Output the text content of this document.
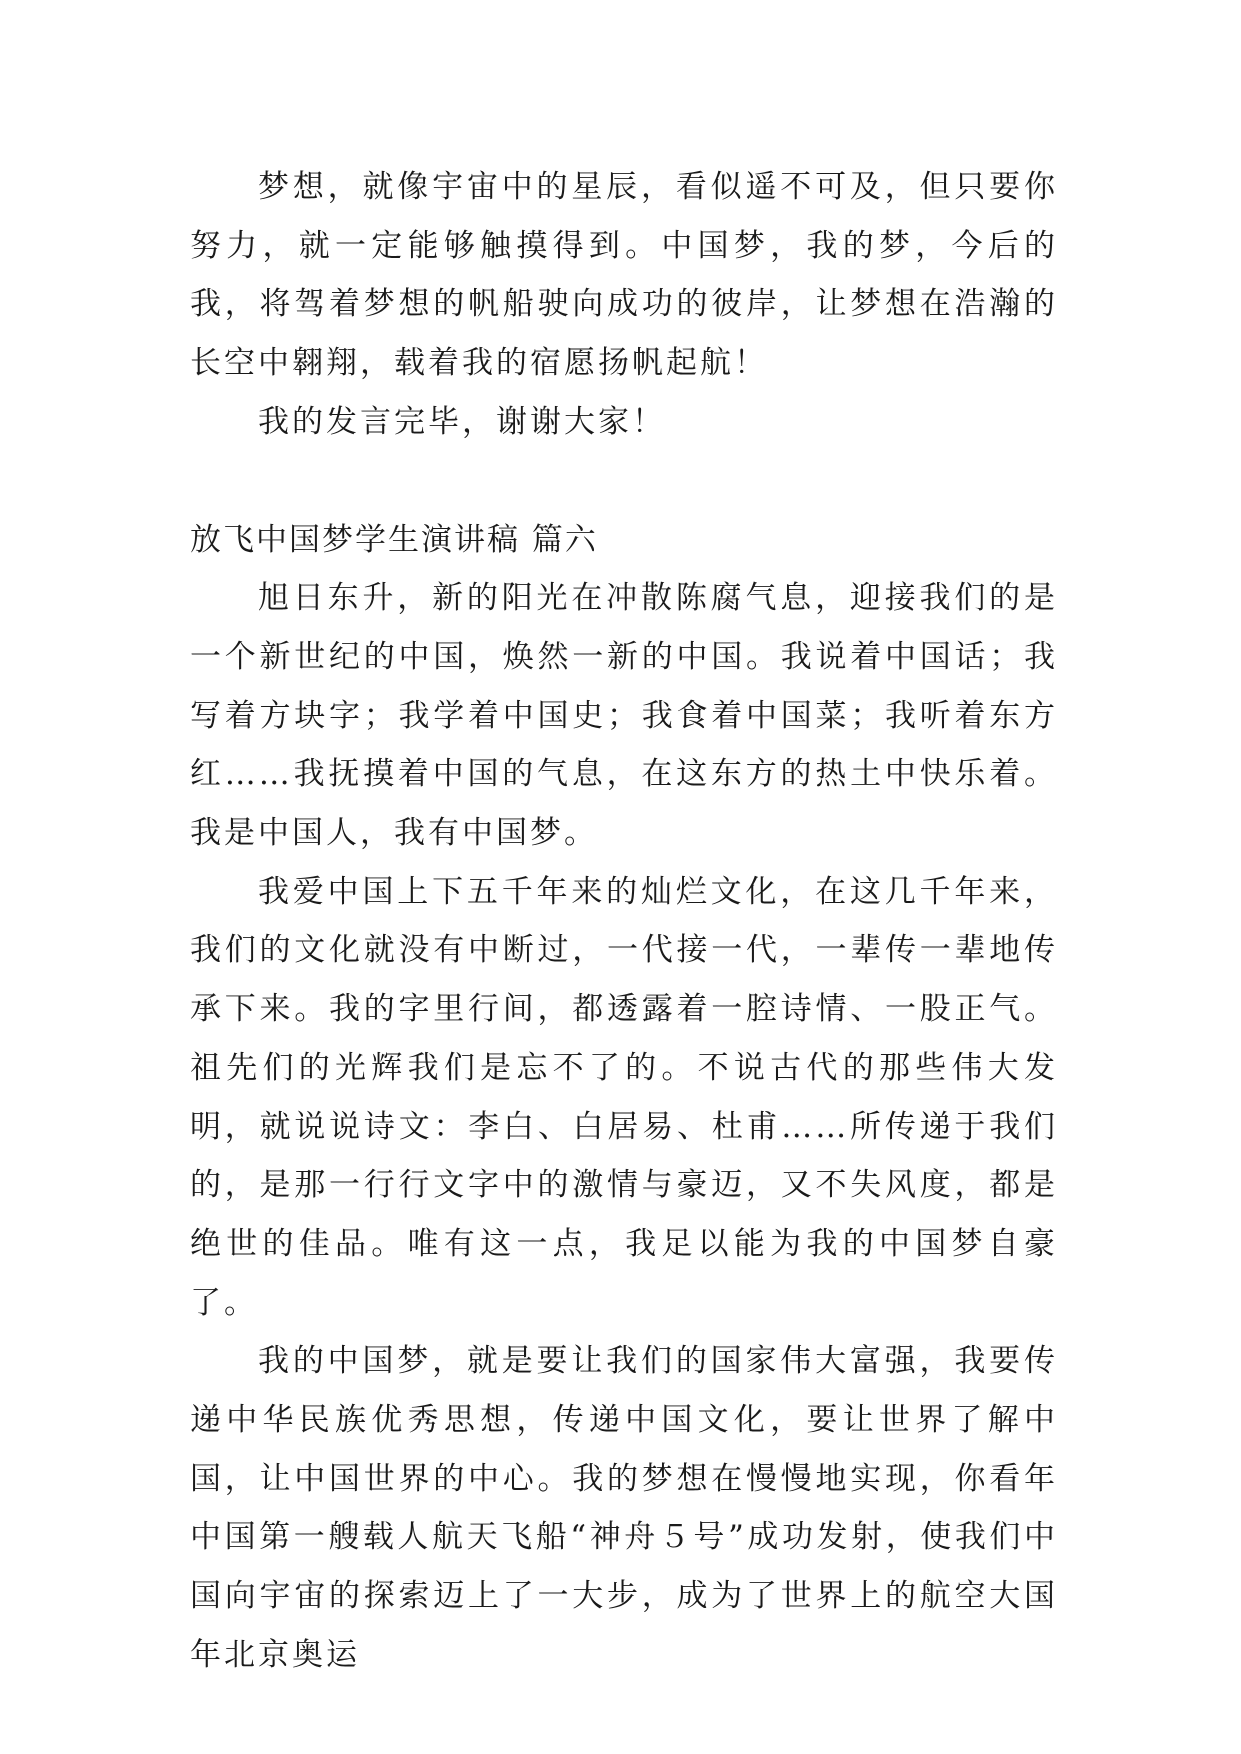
梦想，就像宇宙中的星辰，看似遥不可及，但只要你努力，就一定能够触摸得到。中国梦，我的梦，今后的我，将驾着梦想的帆船驶向成功的彼岸，让梦想在浩瀚的长空中翱翔，载着我的宿愿扬帆起航！

我的发言完毕，谢谢大家！

放飞中国梦学生演讲稿 篇六

旭日东升，新的阳光在冲散陈腐气息，迎接我们的是一个新世纪的中国，焕然一新的中国。我说着中国话；我写着方块字；我学着中国史；我食着中国菜；我听着东方红……我抚摸着中国的气息，在这东方的热土中快乐着。我是中国人，我有中国梦。

我爱中国上下五千年来的灿烂文化，在这几千年来，我们的文化就没有中断过，一代接一代，一辈传一辈地传承下来。我的字里行间，都透露着一腔诗情、一股正气。祖先们的光辉我们是忘不了的。不说古代的那些伟大发明，就说说诗文：李白、白居易、杜甫……所传递于我们的，是那一行行文字中的激情与豪迈，又不失风度，都是绝世的佳品。唯有这一点，我足以能为我的中国梦自豪了。

我的中国梦，就是要让我们的国家伟大富强，我要传递中华民族优秀思想，传递中国文化，要让世界了解中国，让中国世界的中心。我的梦想在慢慢地实现，你看年中国第一艘载人航天飞船“神舟５号”成功发射，使我们中国向宇宙的探索迈上了一大步，成为了世界上的航空大国年北京奥运
